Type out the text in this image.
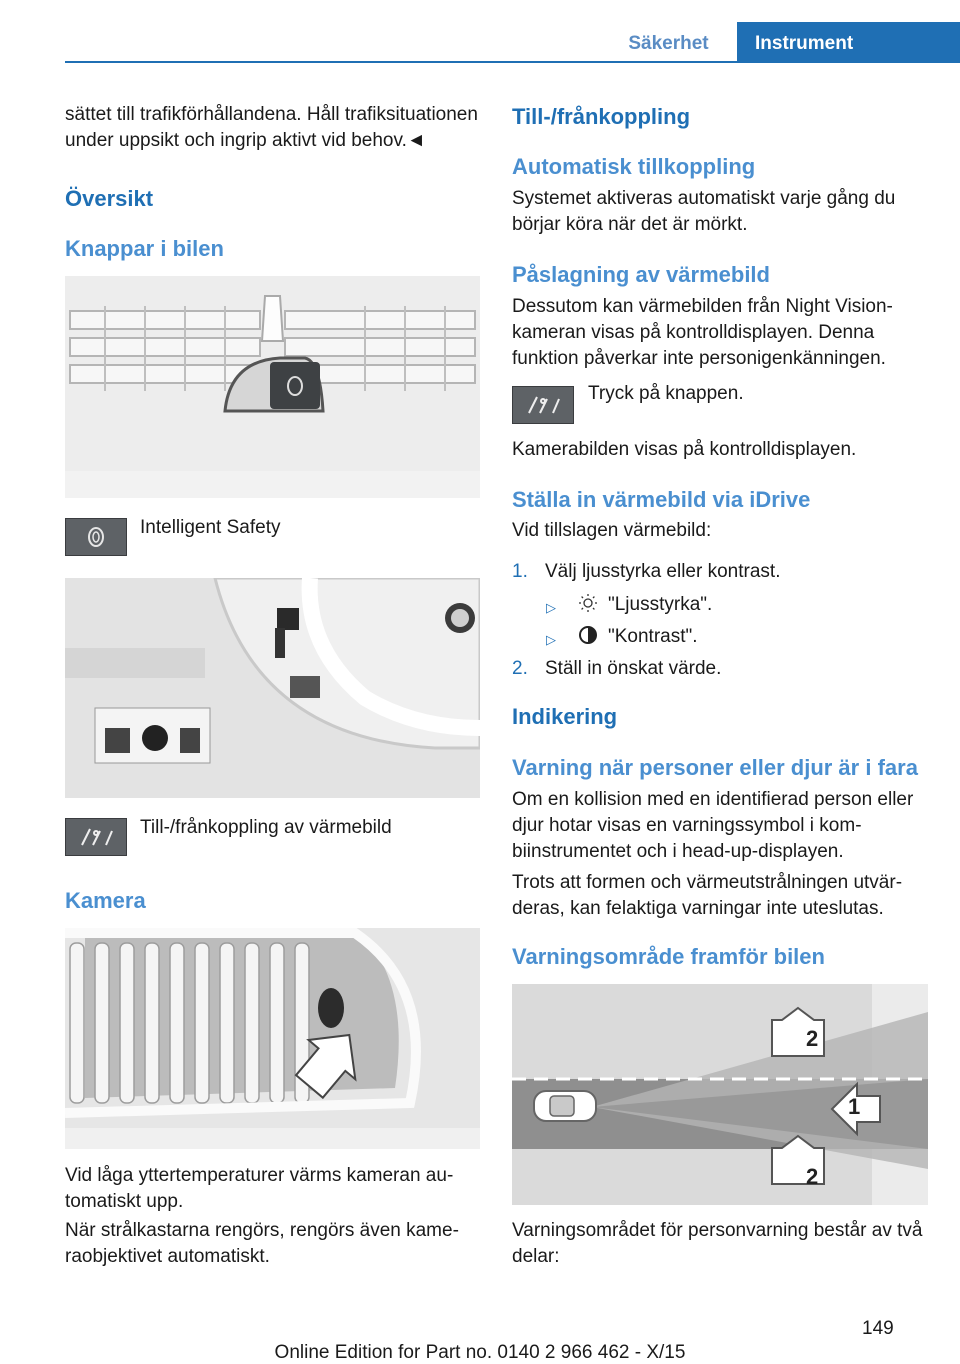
Säkerhet	Instrument

sättet till trafikförhållandena. Håll trafiksituationen under uppsikt och ingrip aktivt vid behov.◄

Översikt
Knappar i bilen

Intelligent Safety

Till-/frånkoppling av värmebild

Kamera

Vid låga yttertemperaturer värms kameran automatiskt upp.

När strålkastarna rengörs, rengörs även kameraobjektivet automatiskt.

Till-/frånkoppling
Automatisk tillkoppling

Systemet aktiveras automatiskt varje gång du börjar köra när det är mörkt.

Påslagning av värmebild

Dessutom kan värmebilden från Night Vision-kameran visas på kontrolldisplayen. Denna funktion påverkar inte personigenkänningen.

Tryck på knappen.

Kamerabilden visas på kontrolldisplayen.

Ställa in värmebild via iDrive

Vid tillslagen värmebild:

1. Välj ljusstyrka eller kontrast.
▷	"Ljusstyrka".
▷	"Kontrast".
2. Ställ in önskat värde.
Indikering
Varning när personer eller djur är i fara

Om en kollision med en identifierad person eller djur hotar visas en varningssymbol i kombiinstrumentet och i head-up-displayen.

Trots att formen och värmeutstrålningen utvärderas, kan felaktiga varningar inte uteslutas.

Varningsområde framför bilen
2
1
2

Varningsområdet för personvarning består av två delar:

149
Online Edition for Part no. 0140 2 966 462 - X/15
